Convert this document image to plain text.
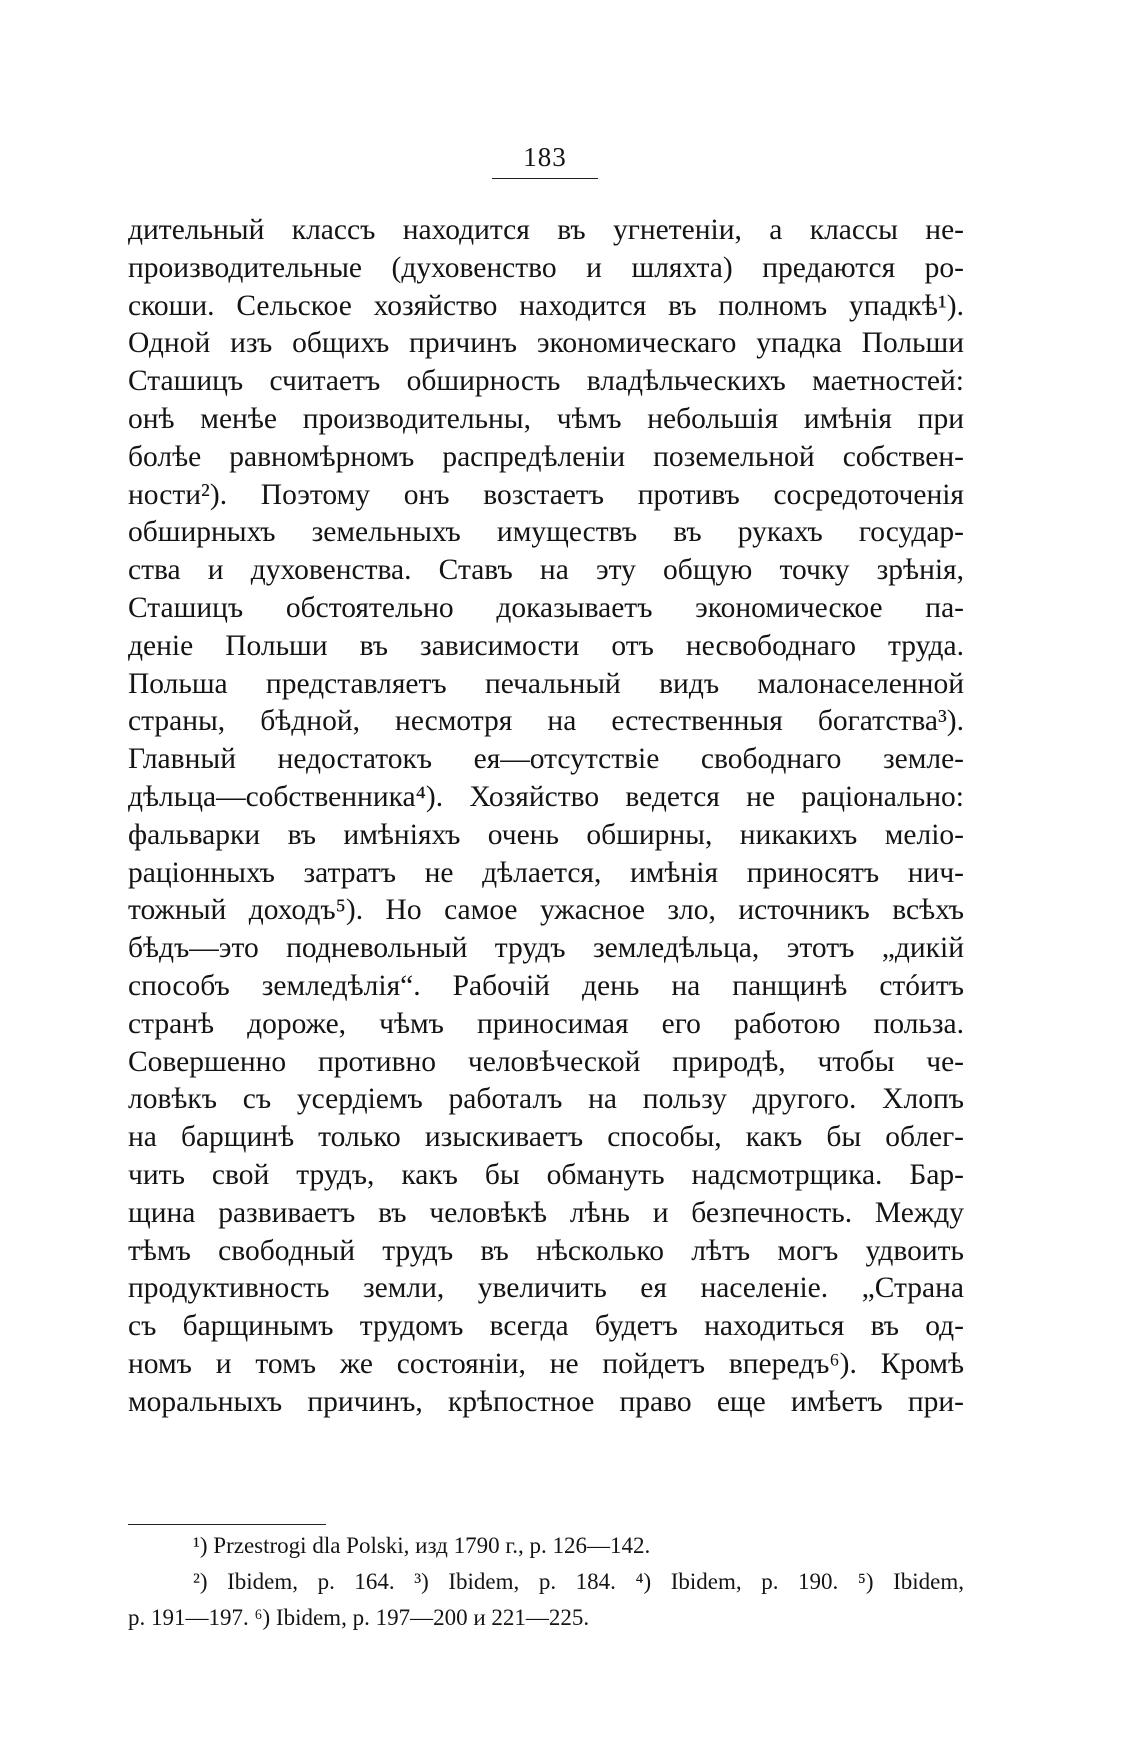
183
дительный классъ находится въ угнетеніи, а классы не-
производительные (духовенство и шляхта) предаются ро-
скоши. Сельское хозяйство находится въ полномъ упадкѣ¹).
Одной изъ общихъ причинъ экономическаго упадка Польши
Сташицъ считаетъ обширность владѣльческихъ маетностей:
онѣ менѣе производительны, чѣмъ небольшія имѣнія при
болѣе равномѣрномъ распредѣленіи поземельной собствен-
ности²). Поэтому онъ возстаетъ противъ сосредоточенія
обширныхъ земельныхъ имуществъ въ рукахъ государ-
ства и духовенства. Ставъ на эту общую точку зрѣнія,
Сташицъ обстоятельно доказываетъ экономическое па-
деніе Польши въ зависимости отъ несвободнаго труда.
Польша представляетъ печальный видъ малонаселенной
страны, бѣдной, несмотря на естественныя богатства³).
Главный недостатокъ ея—отсутствіе свободнаго земле-
дѣльца—собственника⁴). Хозяйство ведется не раціонально:
фальварки въ имѣніяхъ очень обширны, никакихъ меліо-
раціонныхъ затратъ не дѣлается, имѣнія приносятъ нич-
тожный доходъ⁵). Но самое ужасное зло, источникъ всѣхъ
бѣдъ—это подневольный трудъ земледѣльца, этотъ „дикій
способъ земледѣлія“. Рабочій день на панщинѣ стóитъ
странѣ дороже, чѣмъ приносимая его работою польза.
Совершенно противно человѣческой природѣ, чтобы че-
ловѣкъ съ усердіемъ работалъ на пользу другого. Хлопъ
на барщинѣ только изыскиваетъ способы, какъ бы облег-
чить свой трудъ, какъ бы обмануть надсмотрщика. Бар-
щина развиваетъ въ человѣкѣ лѣнь и безпечность. Между
тѣмъ свободный трудъ въ нѣсколько лѣтъ могъ удвоить
продуктивность земли, увеличить ея населеніе. „Страна
съ барщинымъ трудомъ всегда будетъ находиться въ од-
номъ и томъ же состояніи, не пойдетъ впередъ⁶). Кромѣ
моральныхъ причинъ, крѣпостное право еще имѣетъ при-
¹) Przestrogi dla Polski, изд 1790 г., p. 126—142.
²) Ibidem, p. 164. ³) Ibidem, p. 184. ⁴) Ibidem, p. 190. ⁵) Ibidem,
p. 191—197. ⁶) Ibidem, p. 197—200 и 221—225.
